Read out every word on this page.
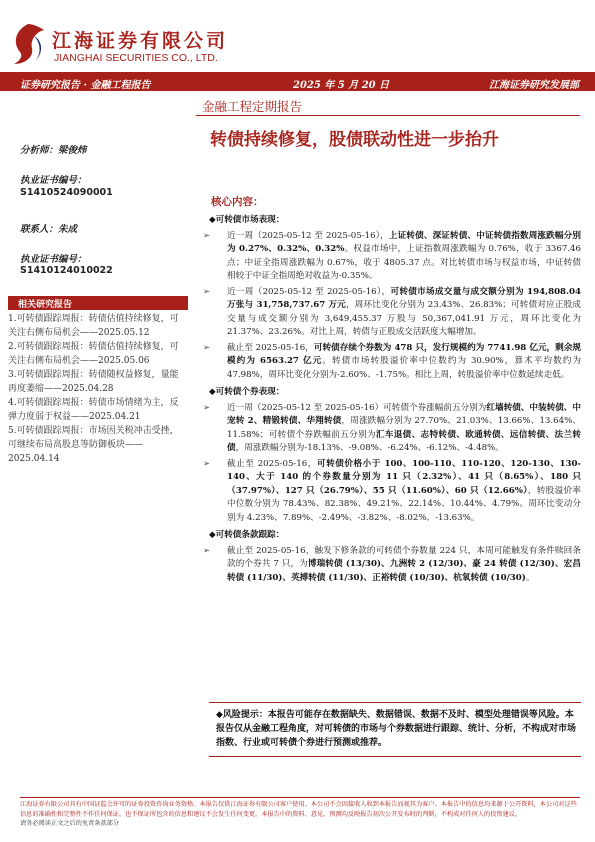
江海证券有限公司
JIANGHAI SECURITIES CO., LTD.
证券研究报告 · 金融工程报告	2025 年 5 月 20 日	江海证券研究发展部
金融工程定期报告
转债持续修复，股债联动性进一步抬升
分析师：梁俊炜
执业证书编号：
S1410524090001
联系人：朱成
执业证书编号：
S1410124010022
相关研究报告
1.可转债跟踪周报：转债估值持续修复，可关注右侧布局机会——2025.05.12
2.可转债跟踪周报：转债估值持续修复，可关注右侧布局机会——2025.05.06
3.可转债跟踪周报：转债随权益修复，量能再度萎缩——2025.04.28
4.可转债跟踪周报：转债市场情绪为主，反弹力度弱于权益——2025.04.21
5.可转债跟踪周报：市场因关税冲击受挫，可继续布局高股息等防御板块——2025.04.14
核心内容：
◆可转债市场表现：
➢ 近一周（2025-05-12 至 2025-05-16），上证转债、深证转债、中证转债指数周涨跌幅分别为 0.27%、0.32%、0.32%。权益市场中，上证指数周涨跌幅为 0.76%，收于 3367.46 点；中证全指周涨跌幅为 0.67%，收于 4805.37 点。对比转债市场与权益市场，中证转债相较于中证全指周绝对收益为-0.35%。
➢ 近一周（2025-05-12 至 2025-05-16），可转债市场成交量与成交额分别为 194,808.04 万张与 31,758,737.67 万元，周环比变化分别为 23.43%、26.83%；可转债对应正股成交量与成交额分别为 3,649,455.37 万股与 50,367,041.91 万元，周环比变化为 21.37%、23.26%。对比上周，转债与正股成交活跃度大幅增加。
➢ 截止至 2025-05-16，可转债存续个券数为 478 只，发行规模约为 7741.98 亿元，剩余规模约为 6563.27 亿元。转债市场转股溢价率中位数约为 30.90%，算术平均数约为 47.98%，周环比变化分别为-2.60%、-1.75%。相比上周，转股溢价率中位数延续走低。
◆可转债个券表现：
➢ 近一周（2025-05-12 至 2025-05-16）可转债个券涨幅前五分别为红墙转债、中装转债、中宠转 2、精锻转债、华翔转债，周涨跌幅分别为 27.70%、21.03%、13.66%、13.64%、11.58%；可转债个券跌幅前五分别为汇车退债、志特转债、欧通转债、远信转债、法兰转债，周涨跌幅分别为-18.13%、-9.08%、-6.24%、-6.12%、-4.48%。
➢ 截止至 2025-05-16，可转债价格小于 100、100-110、110-120、120-130、130-140、大于 140 的个券数量分别为 11 只（2.32%）、41 只（8.65%）、180 只（37.97%）、127 只（26.79%）、55 只（11.60%）、60 只（12.66%），转股溢价率中位数分别为 78.43%、82.38%、49.21%、22.14%、10.44%、4.79%。周环比变动分别为 4.23%、7.89%、-2.49%、-3.82%、-8.02%、-13.63%。
◆可转债条款跟踪：
➢ 截止至 2025-05-16，触发下修条款的可转债个券数量 224 只，本周可能触发有条件赎回条款的个券共 7 只，为博瑞转债 (13/30)、九洲转 2 (12/30)、豪 24 转债 (12/30)、宏昌转债 (11/30)、英搏转债 (11/30)、正裕转债 (10/30)、杭氧转债 (10/30)。
◆风险提示：本报告可能存在数据缺失、数据错误、数据不及时、模型处理错误等风险。本报告仅从金融工程角度，对可转债的市场与个券数据进行跟踪、统计、分析，不构成对市场指数、行业或可转债个券进行预测或推荐。
江海证券有限公司具有中国证监会许可的证券投资咨询业务资格。本报告仅供江海证券有限公司客户使用。本公司不会因接收人收到本报告而视其为客户。本报告中的信息均来源于公开资料，本公司对这些信息的准确性和完整性不作任何保证，也不保证所包含的信息和建议不会发生任何变更。本报告中的资料、意见、预测均反映报告初次公开发布时的判断，不构成对任何人的投资建议。
请务必阅读正文之后的免责条款部分
